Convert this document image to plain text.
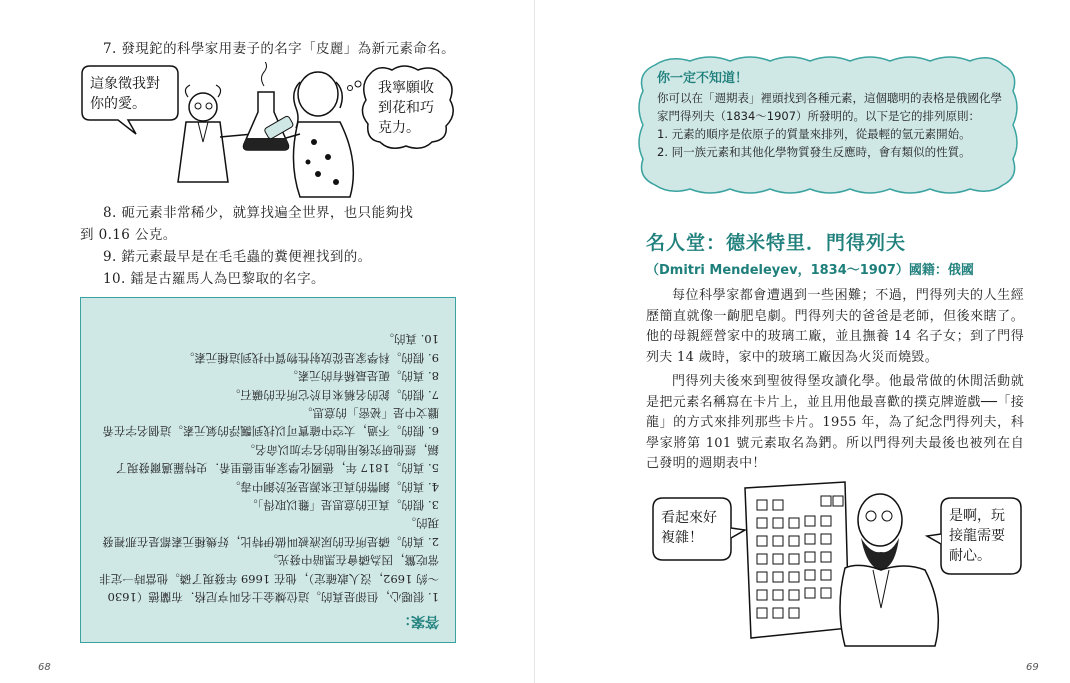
7. 發現鉈的科學家用妻子的名字「皮麗」為新元素命名。
這象徵我對
你的愛。
我寧願收
到花和巧
克力。
8. 砈元素非常稀少，就算找遍全世界，也只能夠找
到 0.16 公克。
9. 鍩元素最早是在毛毛蟲的糞便裡找到的。
10. 鐳是古羅馬人為巴黎取的名字。
答案：
1. 很噁心，但卻是真的。這位煉金士名叫亨尼格．布蘭德（1630～約 1692，沒人敢確定），他在 1669 年發現了磷。他當時一定非常吃驚，因為磷會在黑暗中發光。
2. 真的。磷是所在的尿液被叫做伊特比，好幾種元素都是在那裡發現的。
3. 假的。真正的意思是「難以取得」。
4. 真的。銅幣的真正來源是死於銅中毒。
5. 真的。1817 年，德國化學家弗里德里希．史特羅邁爾發現了鎘，經他研究後用他的名字加以命名。
6. 假的。不過，太空中確實可以找到飄浮的氣元素。這個名字在希臘文中是「祕密」的意思。
7. 假的。鉈的名稱來自於它所在的礦石。
8. 真的。砈是最稀有的元素。
9. 假的。科學家是從放射性物質中找到這種元素。
10. 真的。
68
你一定不知道！
你可以在「週期表」裡頭找到各種元素，這個聰明的表格是俄國化學家門得列夫（1834～1907）所發明的。以下是它的排列原則：
1. 元素的順序是依原子的質量來排列，從最輕的氫元素開始。
2. 同一族元素和其他化學物質發生反應時，會有類似的性質。
名人堂：德米特里．門得列夫
（Dmitri Mendeleyev，1834～1907）國籍：俄國
每位科學家都會遭遇到一些困難；不過，門得列夫的人生經歷簡直就像一齣肥皂劇。門得列夫的爸爸是老師，但後來瞎了。他的母親經營家中的玻璃工廠，並且撫養 14 名子女；到了門得列夫 14 歲時，家中的玻璃工廠因為火災而燒毀。
門得列夫後來到聖彼得堡攻讀化學。他最常做的休閒活動就是把元素名稱寫在卡片上，並且用他最喜歡的撲克牌遊戲──「接龍」的方式來排列那些卡片。1955 年，為了紀念門得列夫，科學家將第 101 號元素取名為鍆。所以門得列夫最後也被列在自己發明的週期表中！
看起來好
複雜！
是啊，玩
接龍需要
耐心。
69
